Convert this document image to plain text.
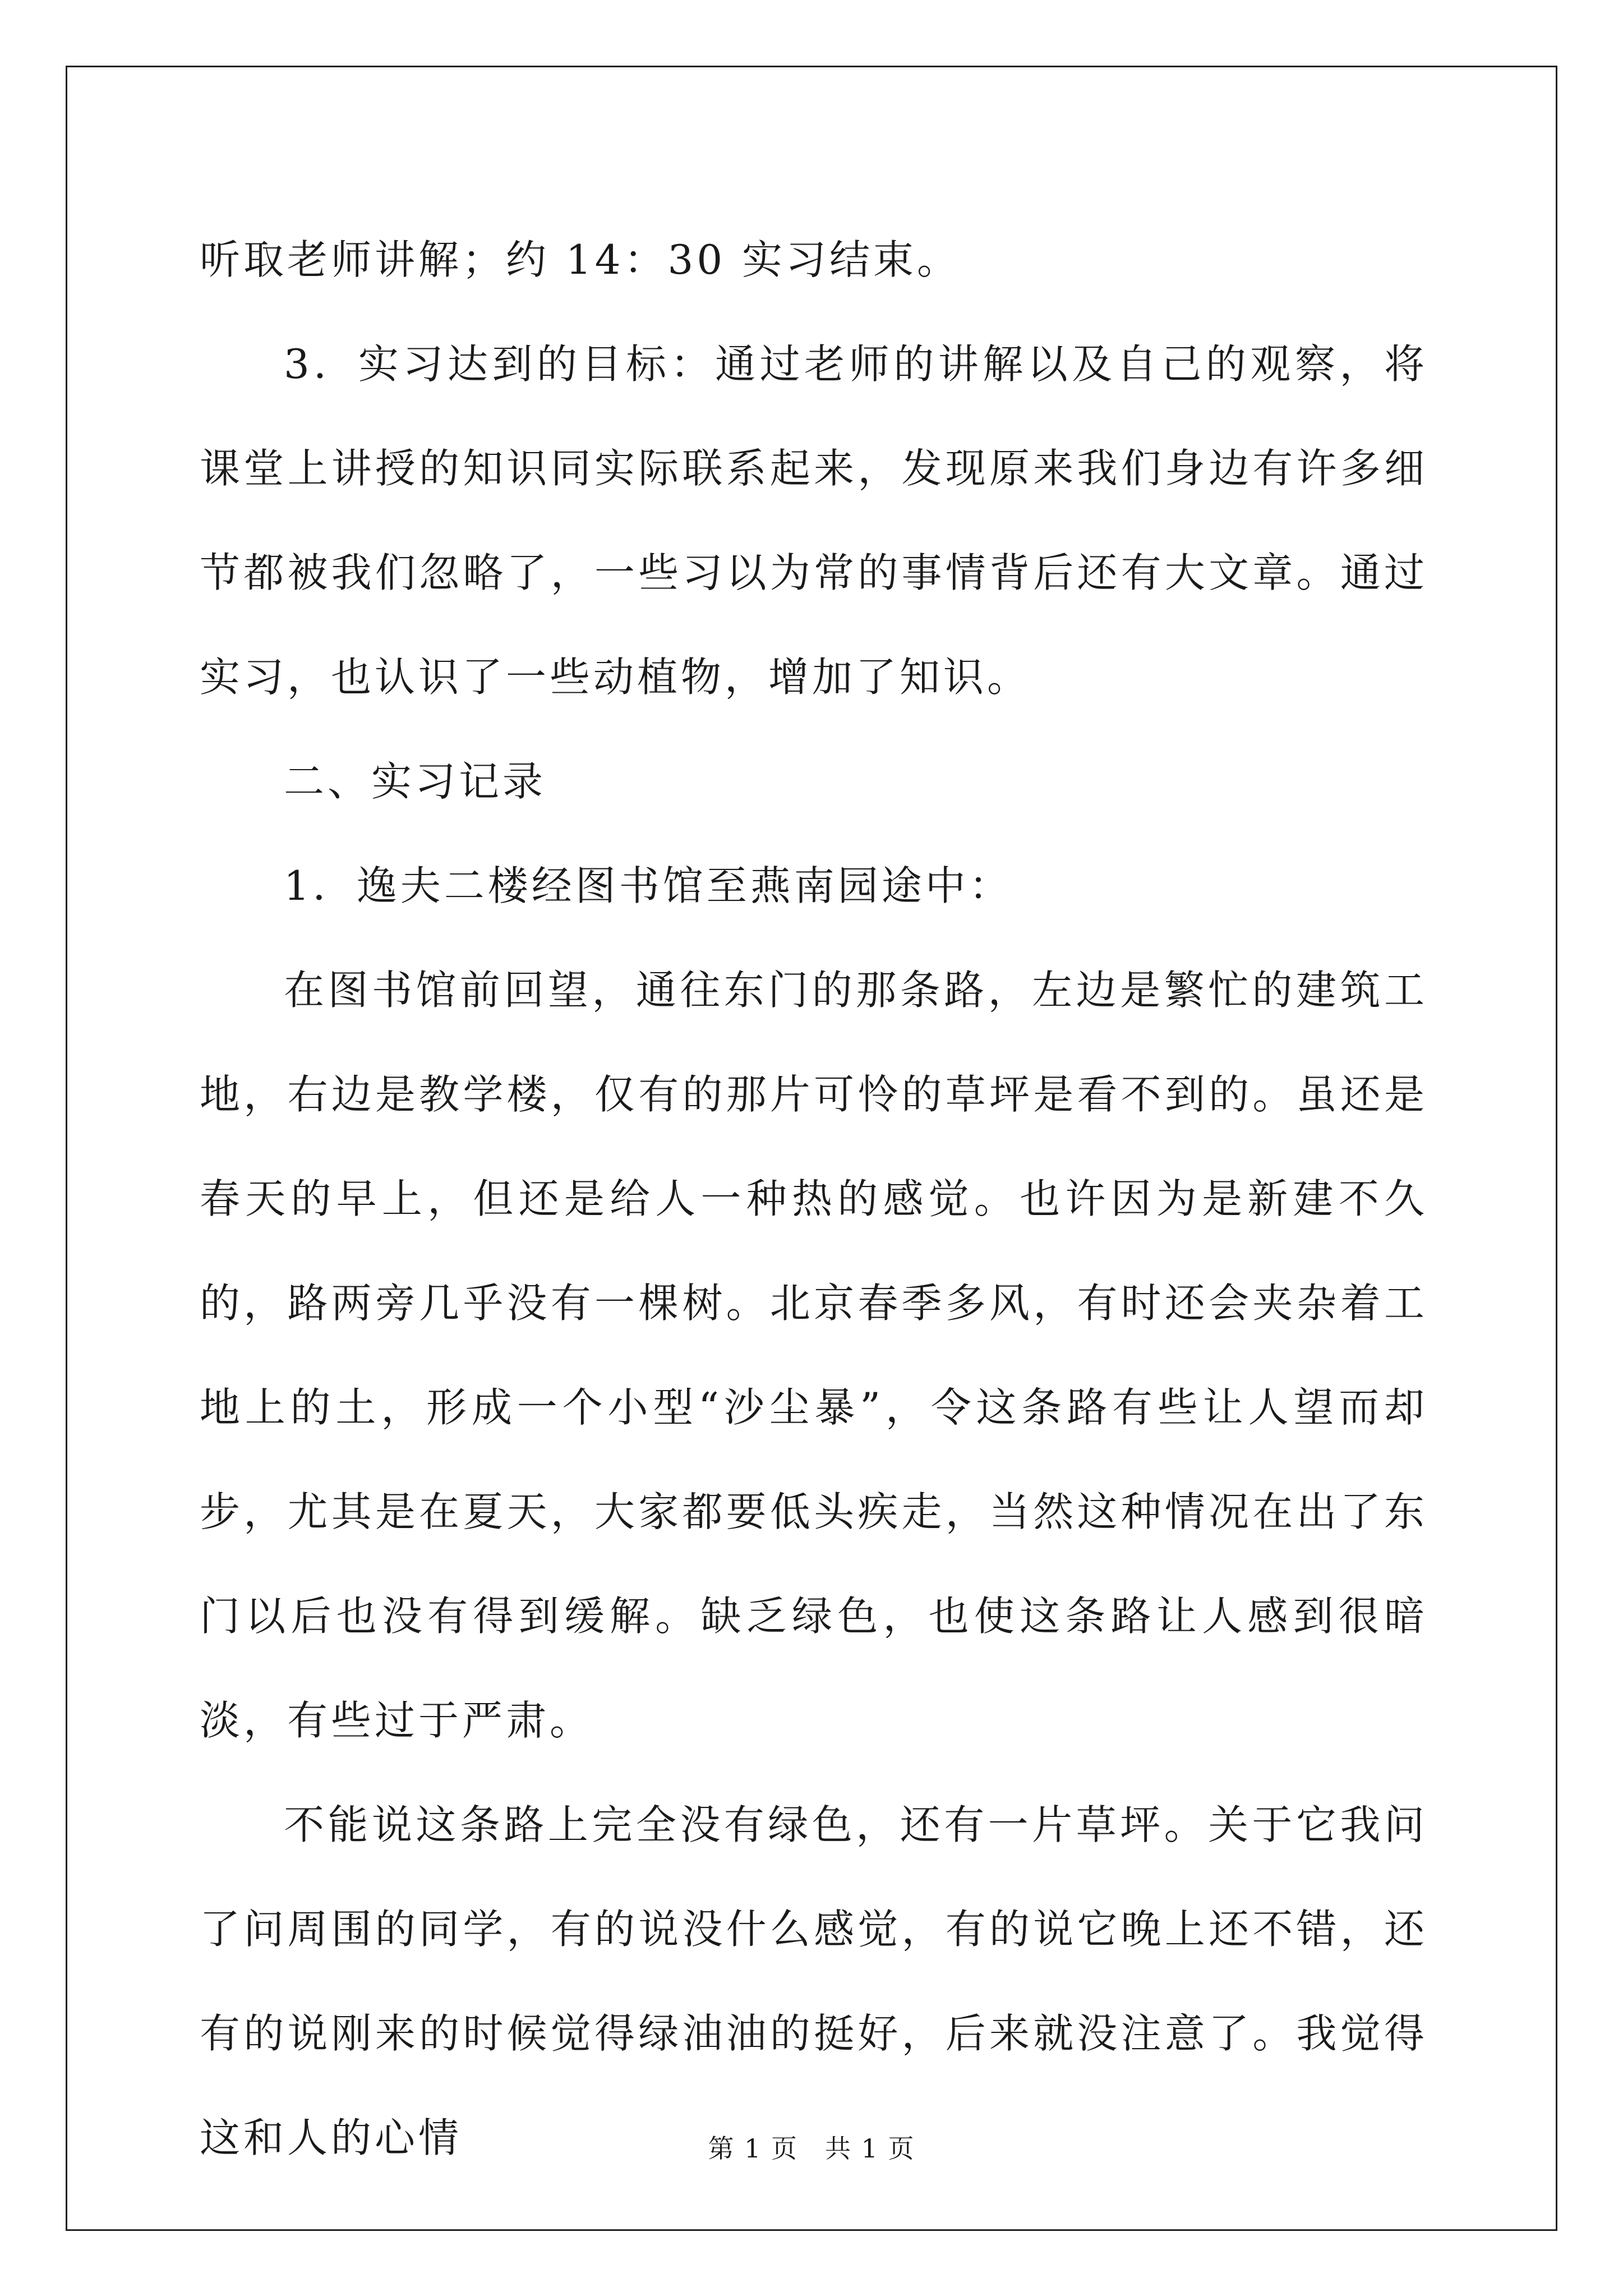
听取老师讲解；约 14：30 实习结束。

3．实习达到的目标：通过老师的讲解以及自己的观察，将课堂上讲授的知识同实际联系起来，发现原来我们身边有许多细节都被我们忽略了，一些习以为常的事情背后还有大文章。通过实习，也认识了一些动植物，增加了知识。

二、实习记录

1．逸夫二楼经图书馆至燕南园途中：

在图书馆前回望，通往东门的那条路，左边是繁忙的建筑工地，右边是教学楼，仅有的那片可怜的草坪是看不到的。虽还是春天的早上，但还是给人一种热的感觉。也许因为是新建不久的，路两旁几乎没有一棵树。北京春季多风，有时还会夹杂着工地上的土，形成一个小型“沙尘暴”，令这条路有些让人望而却步，尤其是在夏天，大家都要低头疾走，当然这种情况在出了东门以后也没有得到缓解。缺乏绿色，也使这条路让人感到很暗淡，有些过于严肃。

不能说这条路上完全没有绿色，还有一片草坪。关于它我问了问周围的同学，有的说没什么感觉，有的说它晚上还不错，还有的说刚来的时候觉得绿油油的挺好，后来就没注意了。我觉得这和人的心情	第 1 页　共 1 页
